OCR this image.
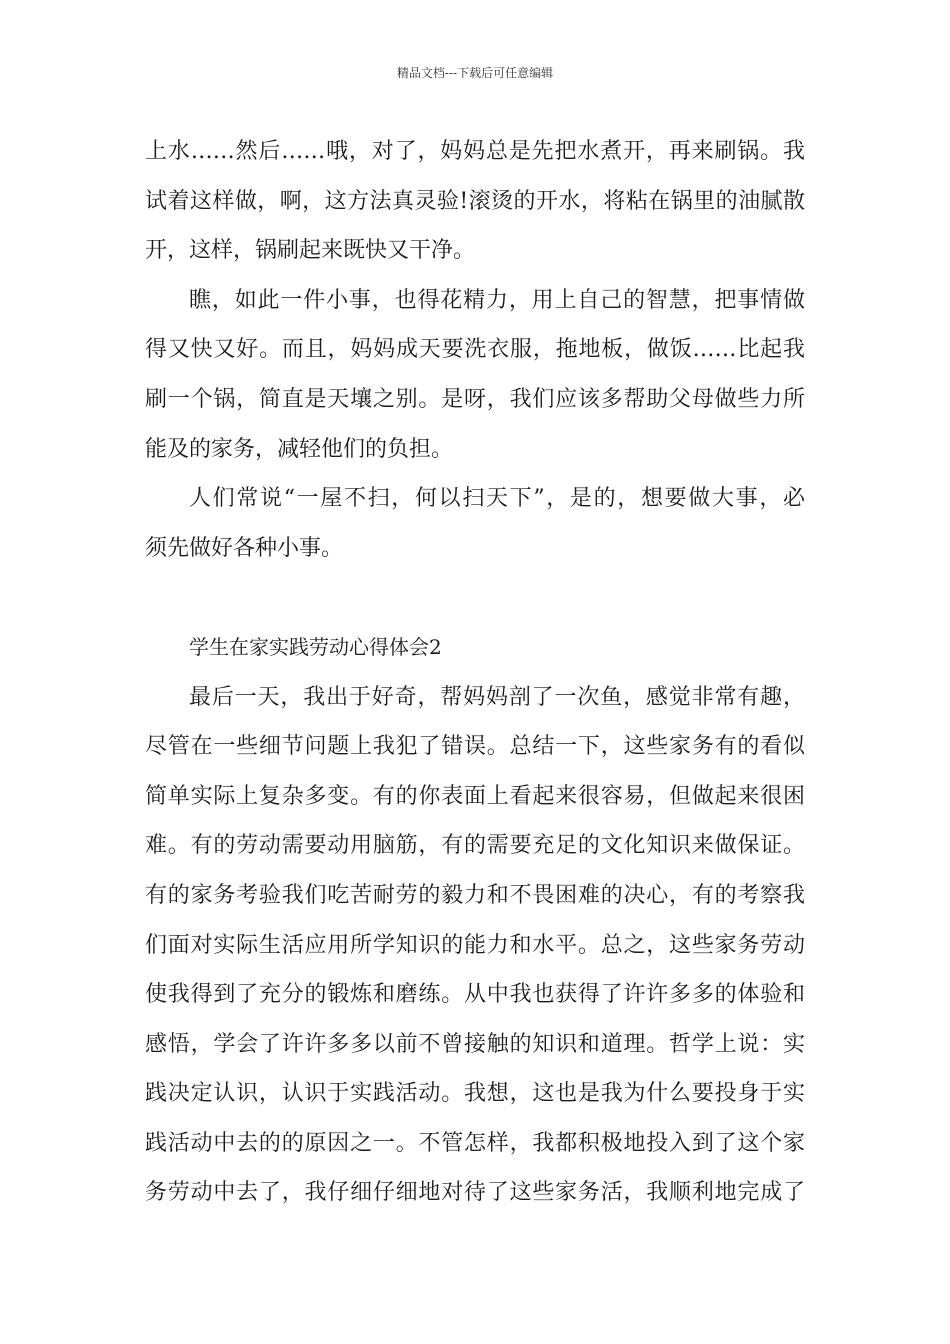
精品文档---下载后可任意编辑
上水……然后……哦，对了，妈妈总是先把水煮开，再来刷锅。我
试着这样做，啊，这方法真灵验!滚烫的开水，将粘在锅里的油腻散
开，这样，锅刷起来既快又干净。
瞧，如此一件小事，也得花精力，用上自己的智慧，把事情做
得又快又好。而且，妈妈成天要洗衣服，拖地板，做饭……比起我
刷一个锅，简直是天壤之别。是呀，我们应该多帮助父母做些力所
能及的家务，减轻他们的负担。
人们常说“一屋不扫，何以扫天下”，是的，想要做大事，必
须先做好各种小事。
学生在家实践劳动心得体会2
最后一天，我出于好奇，帮妈妈剖了一次鱼，感觉非常有趣，
尽管在一些细节问题上我犯了错误。总结一下，这些家务有的看似
简单实际上复杂多变。有的你表面上看起来很容易，但做起来很困
难。有的劳动需要动用脑筋，有的需要充足的文化知识来做保证。
有的家务考验我们吃苦耐劳的毅力和不畏困难的决心，有的考察我
们面对实际生活应用所学知识的能力和水平。总之，这些家务劳动
使我得到了充分的锻炼和磨练。从中我也获得了许许多多的体验和
感悟，学会了许许多多以前不曾接触的知识和道理。哲学上说：实
践决定认识，认识于实践活动。我想，这也是我为什么要投身于实
践活动中去的的原因之一。不管怎样，我都积极地投入到了这个家
务劳动中去了，我仔细仔细地对待了这些家务活，我顺利地完成了
